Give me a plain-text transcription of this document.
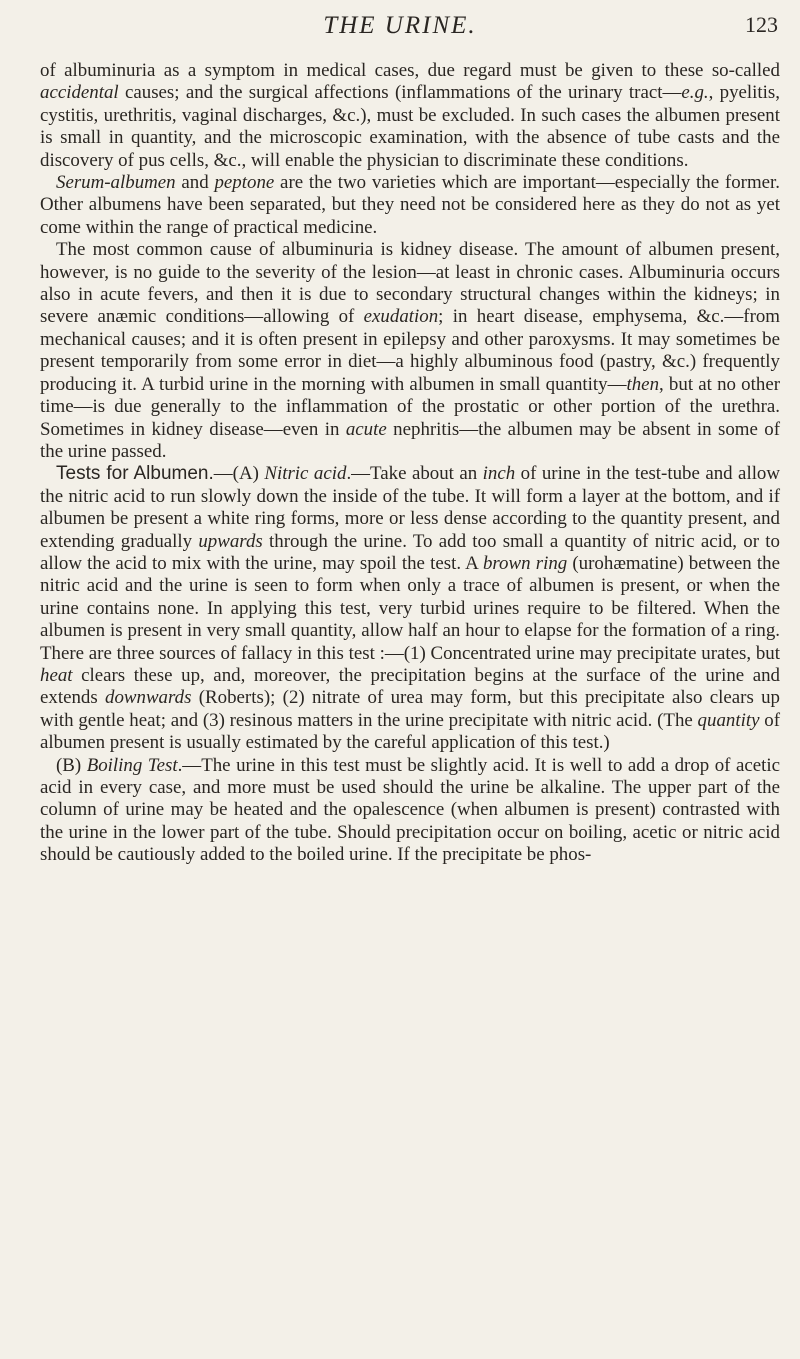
THE URINE.	123

of albuminuria as a symptom in medical cases, due regard must be given to these so-called accidental causes; and the surgical affections (inflammations of the urinary tract—e.g., pyelitis, cystitis, urethritis, vaginal discharges, &c.), must be excluded. In such cases the albumen present is small in quantity, and the microscopic examination, with the absence of tube casts and the discovery of pus cells, &c., will enable the physician to discriminate these conditions.

Serum-albumen and peptone are the two varieties which are important—especially the former. Other albumens have been separated, but they need not be considered here as they do not as yet come within the range of practical medicine.

The most common cause of albuminuria is kidney disease. The amount of albumen present, however, is no guide to the severity of the lesion—at least in chronic cases. Albuminuria occurs also in acute fevers, and then it is due to secondary structural changes within the kidneys; in severe anæmic conditions—allowing of exudation; in heart disease, emphysema, &c.—from mechanical causes; and it is often present in epilepsy and other paroxysms. It may sometimes be present temporarily from some error in diet—a highly albuminous food (pastry, &c.) frequently producing it. A turbid urine in the morning with albumen in small quantity—then, but at no other time—is due generally to the inflammation of the prostatic or other portion of the urethra. Sometimes in kidney disease—even in acute nephritis—the albumen may be absent in some of the urine passed.

Tests for Albumen.—(A) Nitric acid.—Take about an inch of urine in the test-tube and allow the nitric acid to run slowly down the inside of the tube. It will form a layer at the bottom, and if albumen be present a white ring forms, more or less dense according to the quantity present, and extending gradually upwards through the urine. To add too small a quantity of nitric acid, or to allow the acid to mix with the urine, may spoil the test. A brown ring (urohæmatine) between the nitric acid and the urine is seen to form when only a trace of albumen is present, or when the urine contains none. In applying this test, very turbid urines require to be filtered. When the albumen is present in very small quantity, allow half an hour to elapse for the formation of a ring. There are three sources of fallacy in this test :—(1) Concentrated urine may precipitate urates, but heat clears these up, and, moreover, the precipitation begins at the surface of the urine and extends downwards (Roberts); (2) nitrate of urea may form, but this precipitate also clears up with gentle heat; and (3) resinous matters in the urine precipitate with nitric acid. (The quantity of albumen present is usually estimated by the careful application of this test.)

(B) Boiling Test.—The urine in this test must be slightly acid. It is well to add a drop of acetic acid in every case, and more must be used should the urine be alkaline. The upper part of the column of urine may be heated and the opalescence (when albumen is present) contrasted with the urine in the lower part of the tube. Should precipitation occur on boiling, acetic or nitric acid should be cautiously added to the boiled urine. If the precipitate be phos-
